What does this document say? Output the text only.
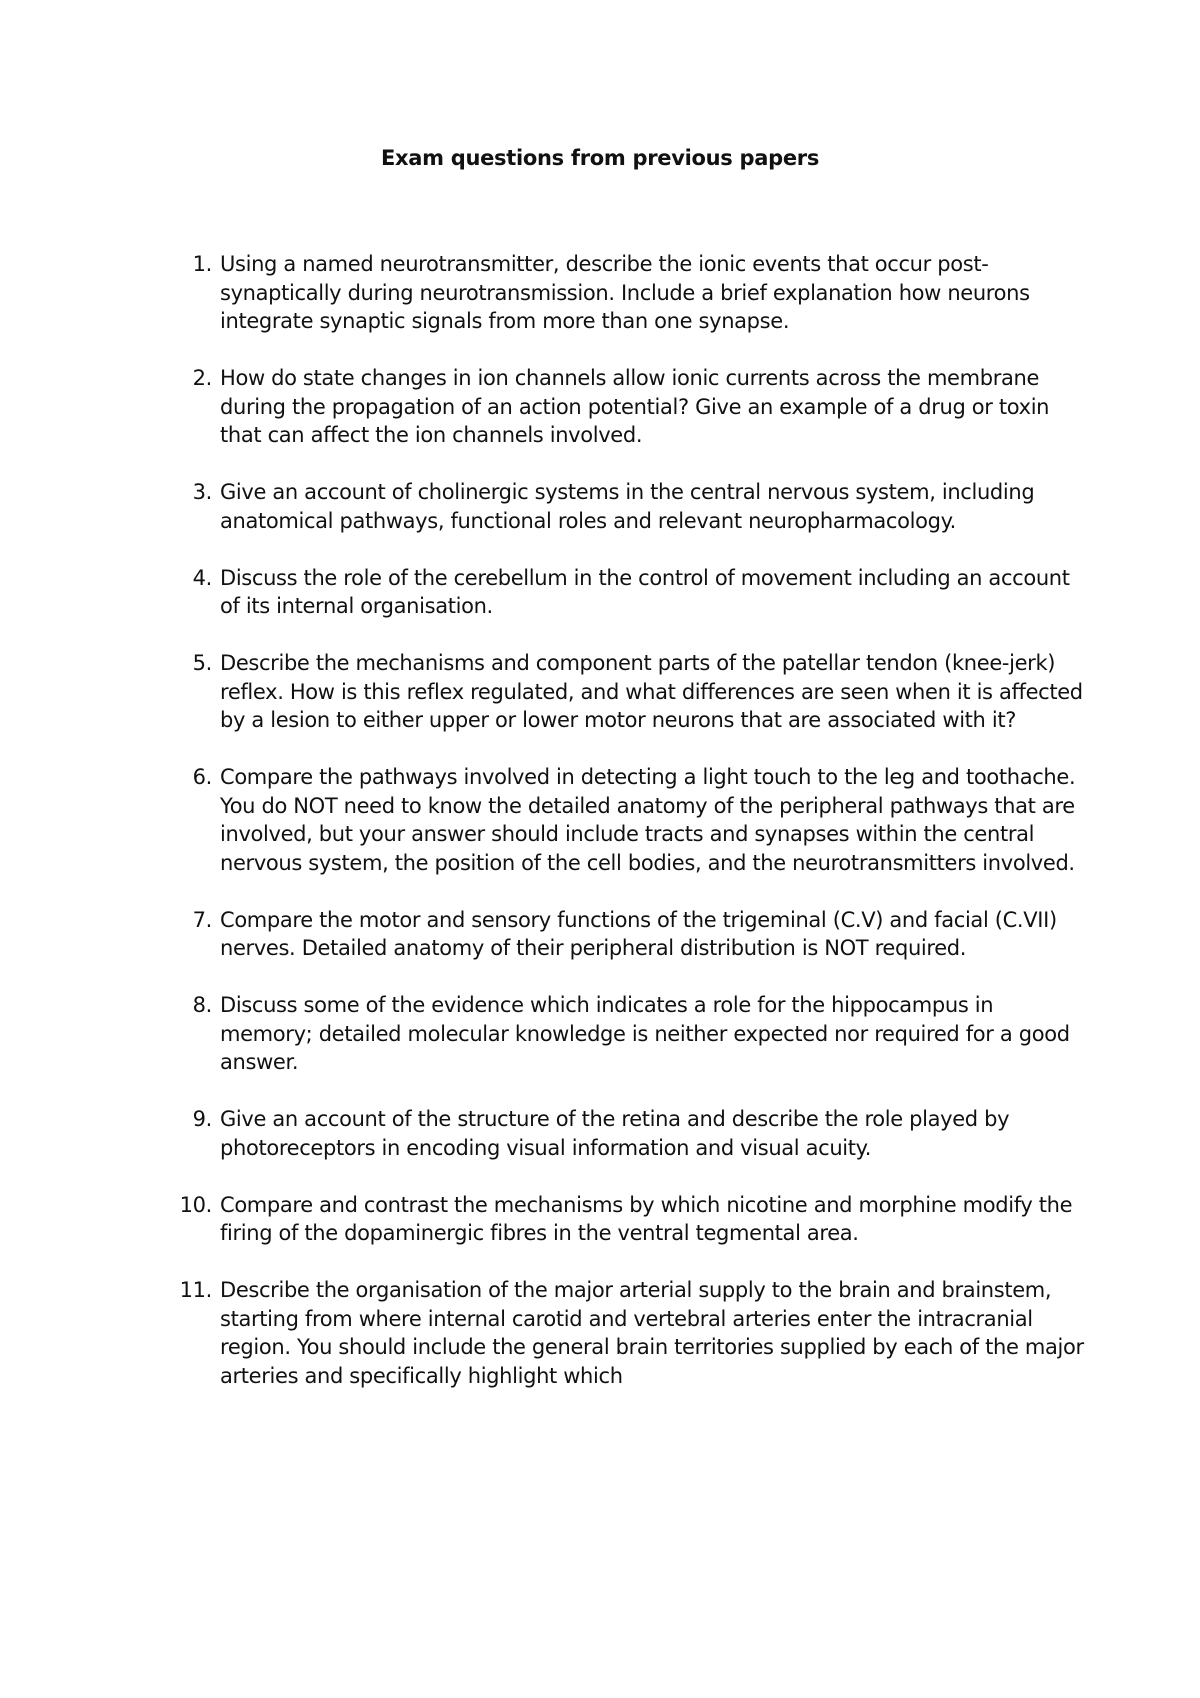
Exam questions from previous papers
1. Using a named neurotransmitter, describe the ionic events that occur post-synaptically during neurotransmission. Include a brief explanation how neurons integrate synaptic signals from more than one synapse.
2. How do state changes in ion channels allow ionic currents across the membrane during the propagation of an action potential? Give an example of a drug or toxin that can affect the ion channels involved.
3. Give an account of cholinergic systems in the central nervous system, including anatomical pathways, functional roles and relevant neuropharmacology.
4. Discuss the role of the cerebellum in the control of movement including an account of its internal organisation.
5. Describe the mechanisms and component parts of the patellar tendon (knee-jerk) reflex. How is this reflex regulated, and what differences are seen when it is affected by a lesion to either upper or lower motor neurons that are associated with it?
6. Compare the pathways involved in detecting a light touch to the leg and toothache. You do NOT need to know the detailed anatomy of the peripheral pathways that are involved, but your answer should include tracts and synapses within the central nervous system, the position of the cell bodies, and the neurotransmitters involved.
7. Compare the motor and sensory functions of the trigeminal (C.V) and facial (C.VII) nerves. Detailed anatomy of their peripheral distribution is NOT required.
8. Discuss some of the evidence which indicates a role for the hippocampus in memory; detailed molecular knowledge is neither expected nor required for a good answer.
9. Give an account of the structure of the retina and describe the role played by photoreceptors in encoding visual information and visual acuity.
10. Compare and contrast the mechanisms by which nicotine and morphine modify the firing of the dopaminergic fibres in the ventral tegmental area.
11. Describe the organisation of the major arterial supply to the brain and brainstem, starting from where internal carotid and vertebral arteries enter the intracranial region. You should include the general brain territories supplied by each of the major arteries and specifically highlight which
